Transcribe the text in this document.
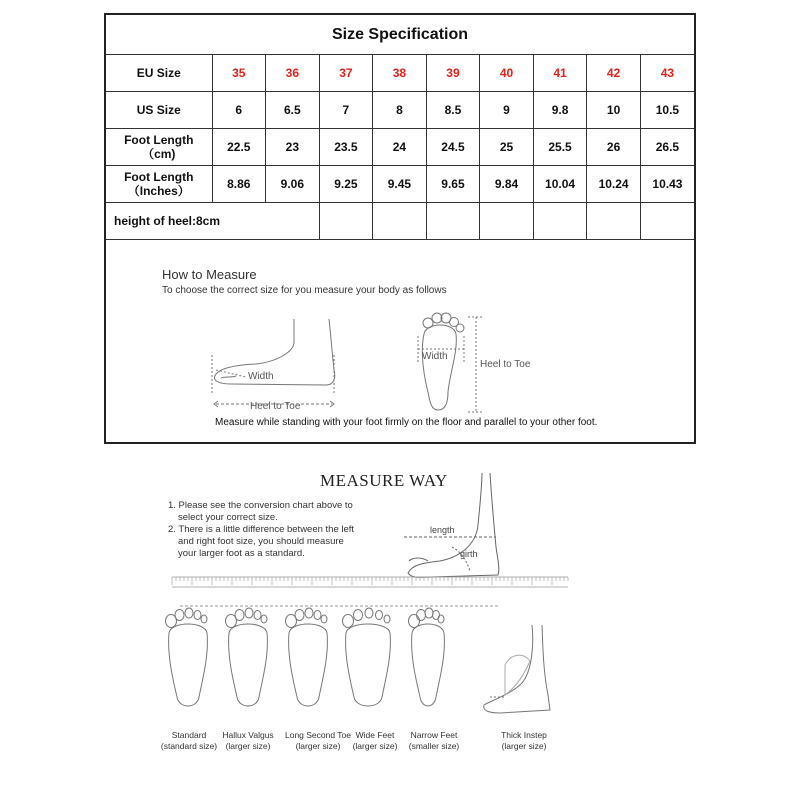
Size Specification									
EU Size	35	36	37	38	39	40	41	42	43
US Size	6	6.5	7	8	8.5	9	9.8	10	10.5

Foot Length
（cm)	22.5	23	23.5	24	24.5	25	25.5	26	26.5

Foot Length
（Inches）	8.86	9.06	9.25	9.45	9.65	9.84	10.04	10.24	10.43
height of heel:8cm									
How to Measure
To choose the correct size for you measure your body as follows
Width
Heel to Toe
Width
Heel to Toe
Measure while standing with your foot firmly on the floor and parallel to your other foot.
length
girth
MEASURE WAY
1. Please see the conversion chart above to
select your correct size.
2. There is a little difference between the left
and right foot size, you should measure
your larger foot as a standard.
Standard
(standard size)
Hallux Valgus
(larger size)
Long Second Toe
(larger size)
Wide Feet
(larger size)
Narrow Feet
(smaller size)
Thick Instep
(larger size)
